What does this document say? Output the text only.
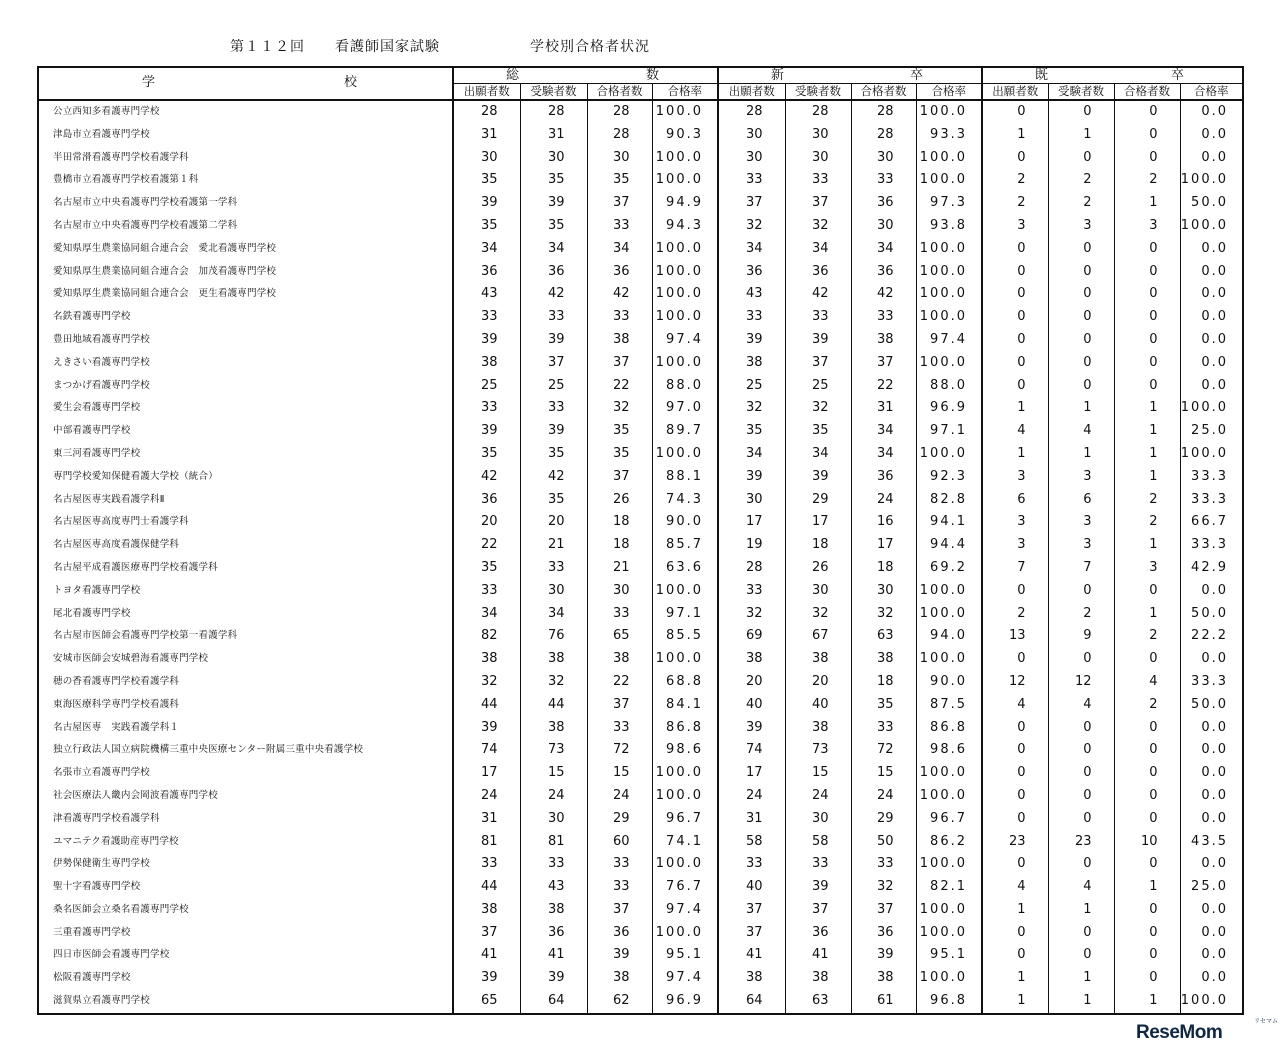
第１１２回 看護師国家試験	学校別合格者状況
学 校	総 数				新 卒				既 卒			

	出願者数	受験者数	合格者数	合格率	出願者数	受験者数	合格者数	合格率	出願者数	受験者数	合格者数	合格率
公立西知多看護専門学校	28	28	28	100.0	28	28	28	100.0	0	0	0	0.0
津島市立看護専門学校	31	31	28	90.3	30	30	28	93.3	1	1	0	0.0
半田常滑看護専門学校看護学科	30	30	30	100.0	30	30	30	100.0	0	0	0	0.0
豊橋市立看護専門学校看護第１科	35	35	35	100.0	33	33	33	100.0	2	2	2	100.0
名古屋市立中央看護専門学校看護第一学科	39	39	37	94.9	37	37	36	97.3	2	2	1	50.0
名古屋市立中央看護専門学校看護第二学科	35	35	33	94.3	32	32	30	93.8	3	3	3	100.0
愛知県厚生農業協同組合連合会　愛北看護専門学校	34	34	34	100.0	34	34	34	100.0	0	0	0	0.0
愛知県厚生農業協同組合連合会　加茂看護専門学校	36	36	36	100.0	36	36	36	100.0	0	0	0	0.0
愛知県厚生農業協同組合連合会　更生看護専門学校	43	42	42	100.0	43	42	42	100.0	0	0	0	0.0
名鉄看護専門学校	33	33	33	100.0	33	33	33	100.0	0	0	0	0.0
豊田地域看護専門学校	39	39	38	97.4	39	39	38	97.4	0	0	0	0.0
えきさい看護専門学校	38	37	37	100.0	38	37	37	100.0	0	0	0	0.0
まつかげ看護専門学校	25	25	22	88.0	25	25	22	88.0	0	0	0	0.0
愛生会看護専門学校	33	33	32	97.0	32	32	31	96.9	1	1	1	100.0
中部看護専門学校	39	39	35	89.7	35	35	34	97.1	4	4	1	25.0
東三河看護専門学校	35	35	35	100.0	34	34	34	100.0	1	1	1	100.0
専門学校愛知保健看護大学校（統合）	42	42	37	88.1	39	39	36	92.3	3	3	1	33.3
名古屋医専実践看護学科Ⅱ	36	35	26	74.3	30	29	24	82.8	6	6	2	33.3
名古屋医専高度専門士看護学科	20	20	18	90.0	17	17	16	94.1	3	3	2	66.7
名古屋医専高度看護保健学科	22	21	18	85.7	19	18	17	94.4	3	3	1	33.3
名古屋平成看護医療専門学校看護学科	35	33	21	63.6	28	26	18	69.2	7	7	3	42.9
トヨタ看護専門学校	33	30	30	100.0	33	30	30	100.0	0	0	0	0.0
尾北看護専門学校	34	34	33	97.1	32	32	32	100.0	2	2	1	50.0
名古屋市医師会看護専門学校第一看護学科	82	76	65	85.5	69	67	63	94.0	13	9	2	22.2
安城市医師会安城碧海看護専門学校	38	38	38	100.0	38	38	38	100.0	0	0	0	0.0
穂の香看護専門学校看護学科	32	32	22	68.8	20	20	18	90.0	12	12	4	33.3
東海医療科学専門学校看護科	44	44	37	84.1	40	40	35	87.5	4	4	2	50.0
名古屋医専　実践看護学科１	39	38	33	86.8	39	38	33	86.8	0	0	0	0.0
独立行政法人国立病院機構三重中央医療センター附属三重中央看護学校	74	73	72	98.6	74	73	72	98.6	0	0	0	0.0
名張市立看護専門学校	17	15	15	100.0	17	15	15	100.0	0	0	0	0.0
社会医療法人畿内会岡波看護専門学校	24	24	24	100.0	24	24	24	100.0	0	0	0	0.0
津看護専門学校看護学科	31	30	29	96.7	31	30	29	96.7	0	0	0	0.0
ユマニテク看護助産専門学校	81	81	60	74.1	58	58	50	86.2	23	23	10	43.5
伊勢保健衛生専門学校	33	33	33	100.0	33	33	33	100.0	0	0	0	0.0
聖十字看護専門学校	44	43	33	76.7	40	39	32	82.1	4	4	1	25.0
桑名医師会立桑名看護専門学校	38	38	37	97.4	37	37	37	100.0	1	1	0	0.0
三重看護専門学校	37	36	36	100.0	37	36	36	100.0	0	0	0	0.0
四日市医師会看護専門学校	41	41	39	95.1	41	41	39	95.1	0	0	0	0.0
松阪看護専門学校	39	39	38	97.4	38	38	38	100.0	1	1	0	0.0
滋賀県立看護専門学校	65	64	62	96.9	64	63	61	96.8	1	1	1	100.0
ReseMom
リセマム
